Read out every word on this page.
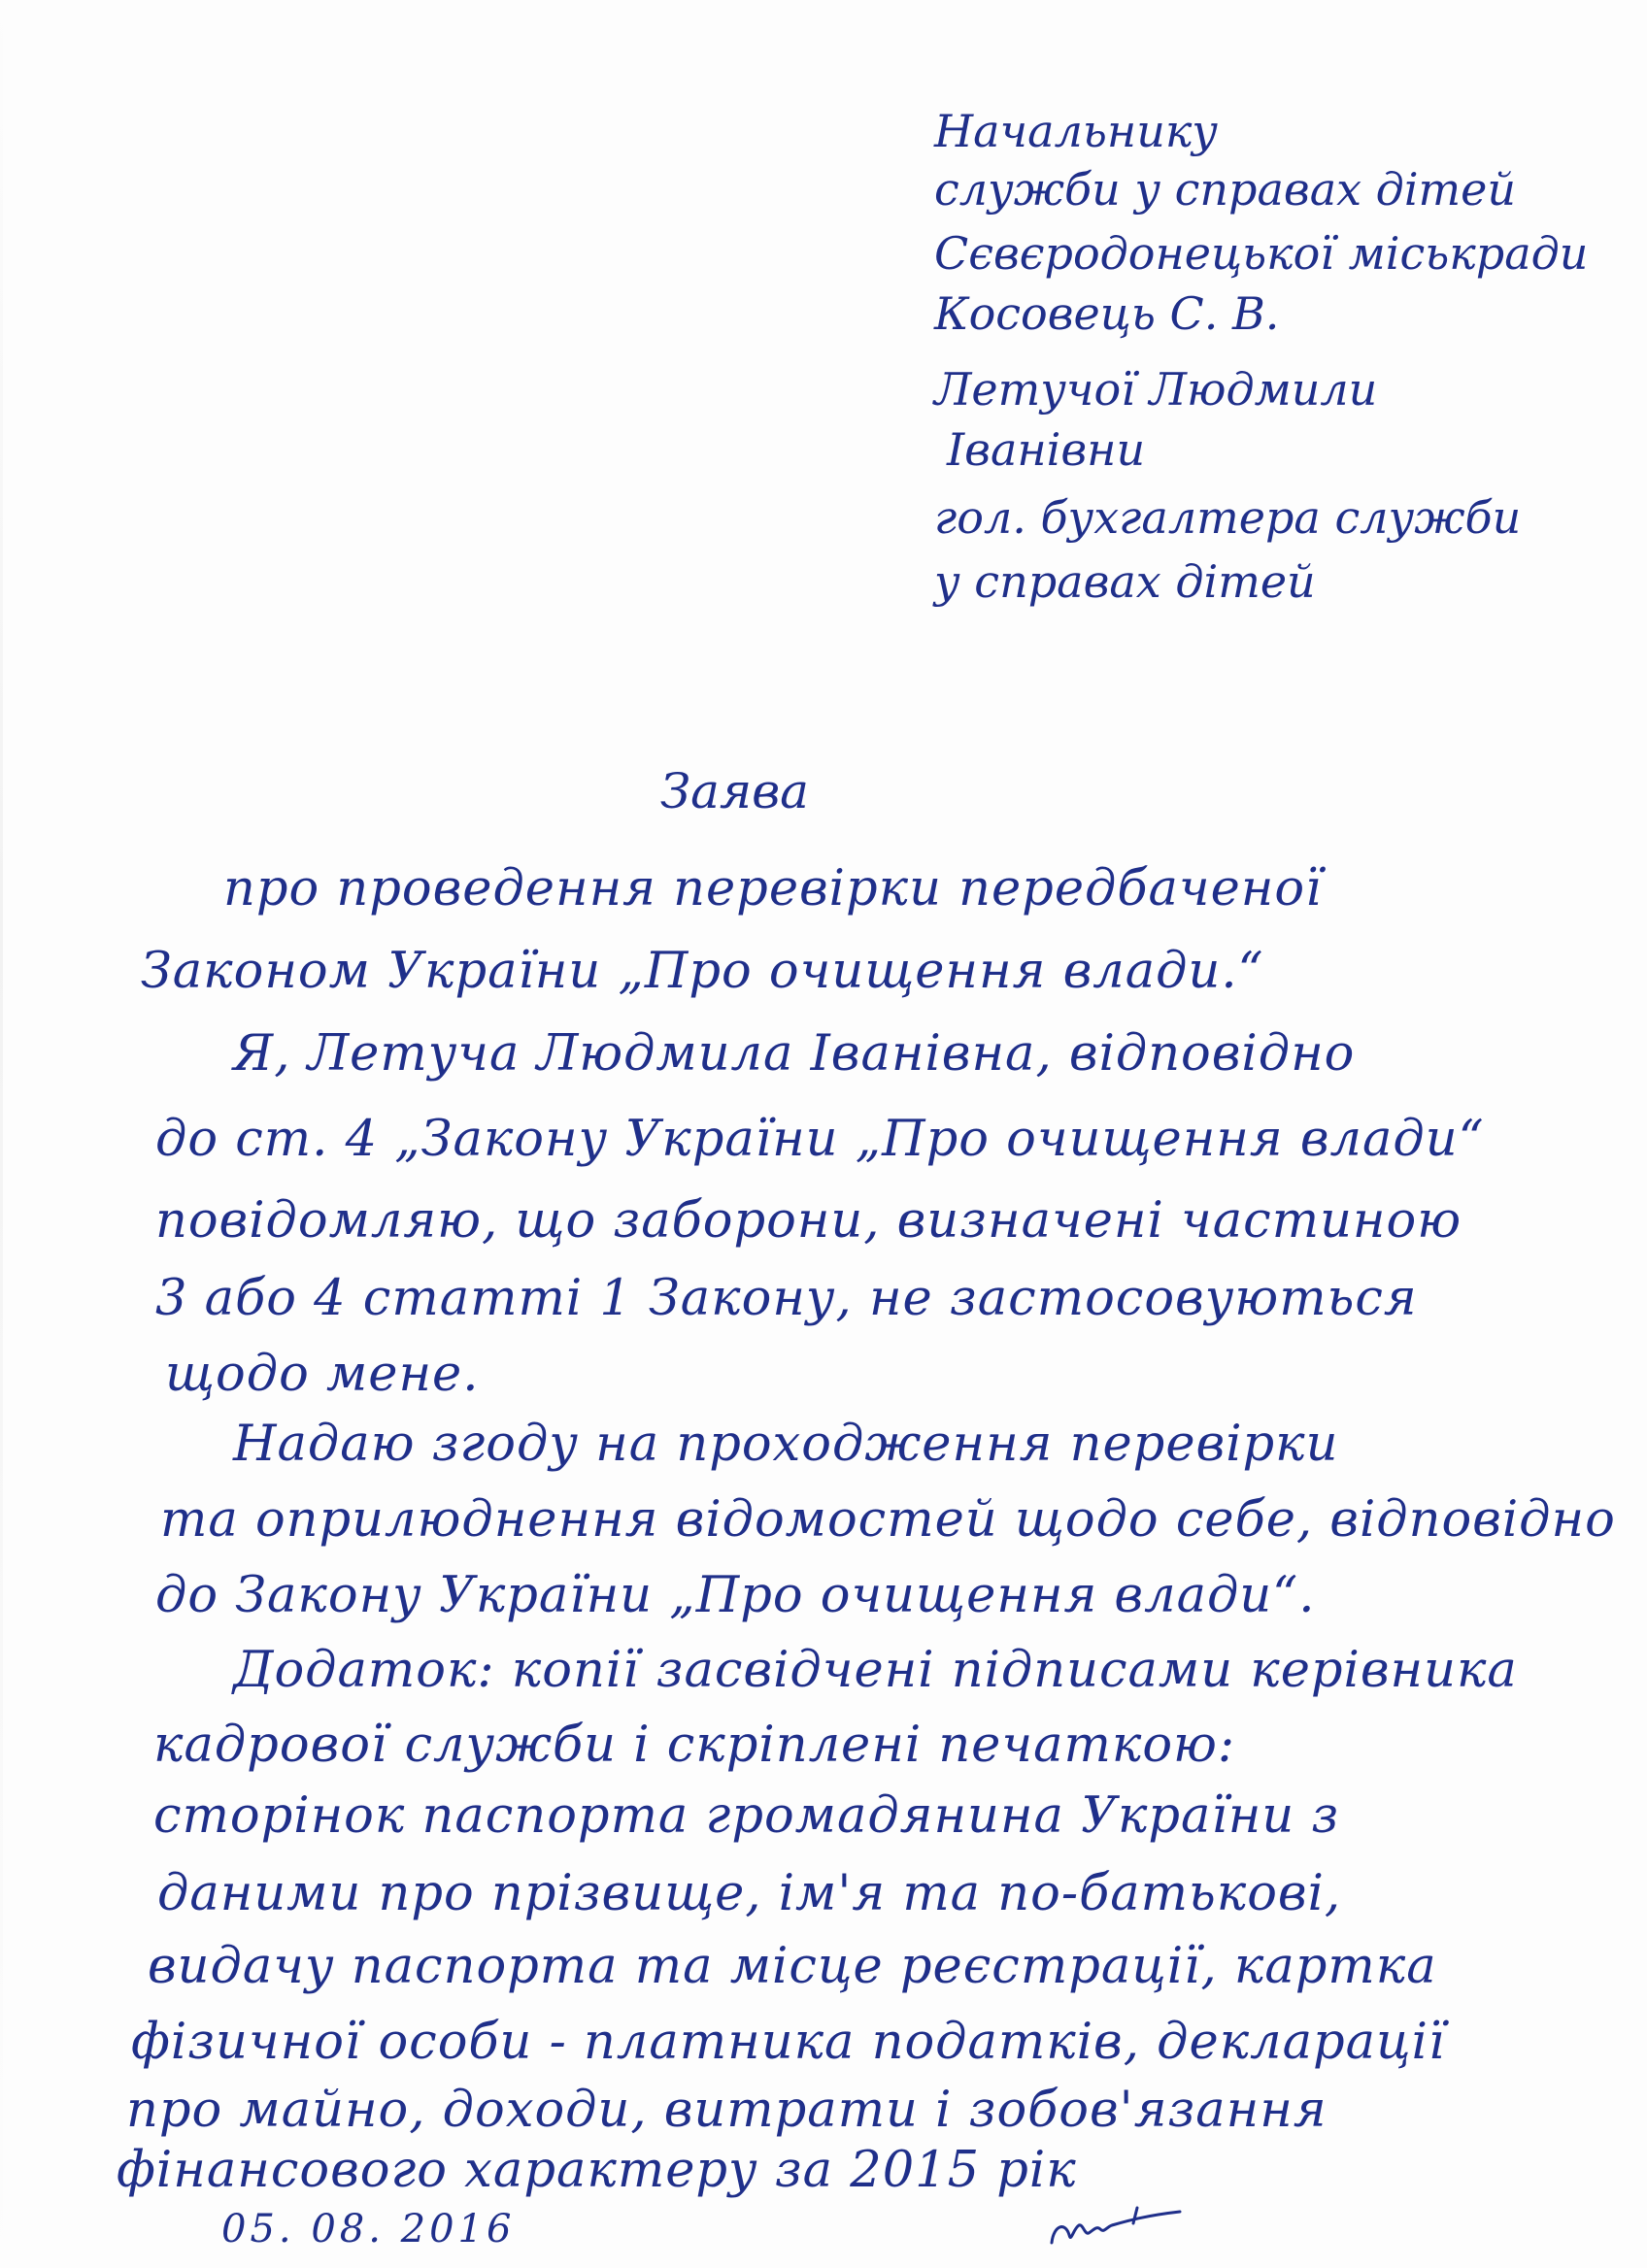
Начальнику
служби у справах дітей
Сєвєродонецької міськради
Косовець С. В.
Летучої Людмили
Іванівни
гол. бухгалтера служби
у справах дітей
Заява
про проведення перевірки передбаченої
Законом України „Про очищення влади.“
Я, Летуча Людмила Іванівна, відповідно
до ст. 4 „Закону України „Про очищення влади“
повідомляю, що заборони, визначені частиною
3 або 4 статті 1 Закону, не застосовуються
щодо мене.
Надаю згоду на проходження перевірки
та оприлюднення відомостей щодо себе, відповідно
до Закону України „Про очищення влади“.
Додаток: копії засвідчені підписами керівника
кадрової служби і скріплені печаткою:
сторінок паспорта громадянина України з
даними про прізвище, ім'я та по-батькові,
видачу паспорта та місце реєстрації, картка
фізичної особи - платника податків, декларації
про майно, доходи, витрати і зобов'язання
фінансового характеру за 2015 рік
05. 08. 2016
